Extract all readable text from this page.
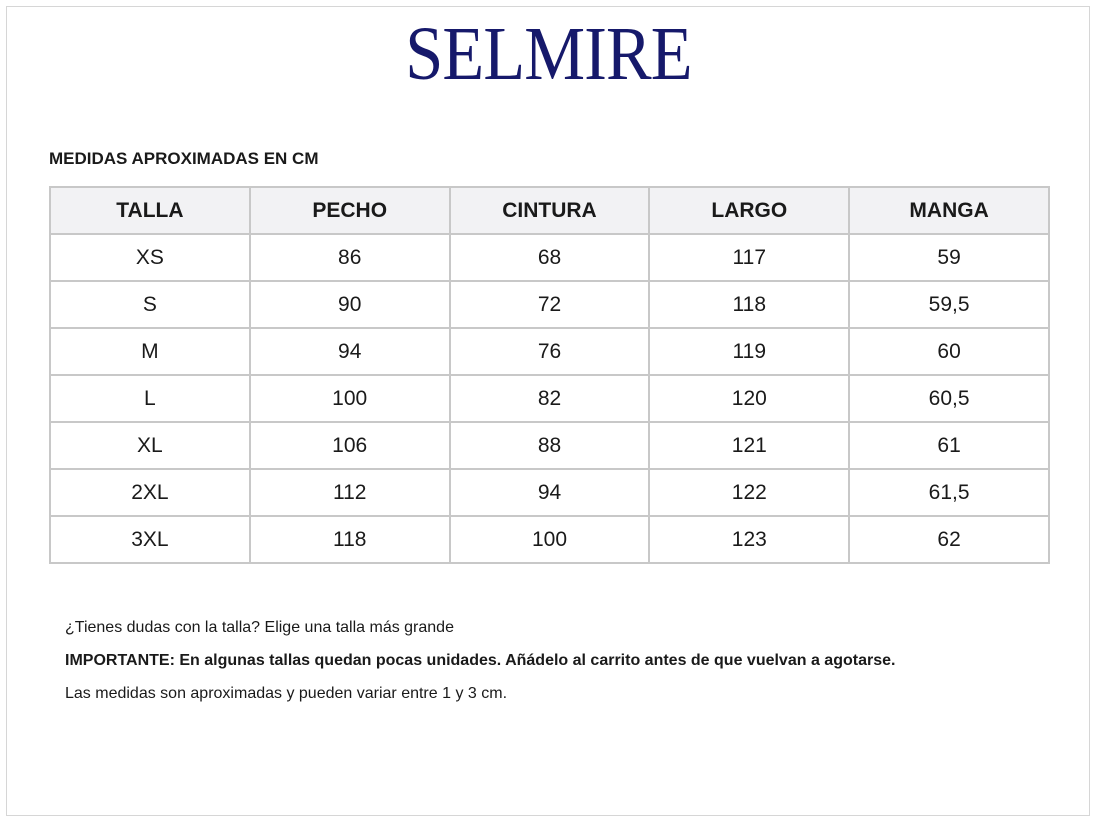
SELMIRE
MEDIDAS APROXIMADAS EN CM
TALLA	PECHO	CINTURA	LARGO	MANGA
XS	86	68	117	59
S	90	72	118	59,5
M	94	76	119	60
L	100	82	120	60,5
XL	106	88	121	61
2XL	112	94	122	61,5
3XL	118	100	123	62

¿Tienes dudas con la talla? Elige una talla más grande

IMPORTANTE: En algunas tallas quedan pocas unidades. Añádelo al carrito antes de que vuelvan a agotarse.

Las medidas son aproximadas y pueden variar entre 1 y 3 cm.
